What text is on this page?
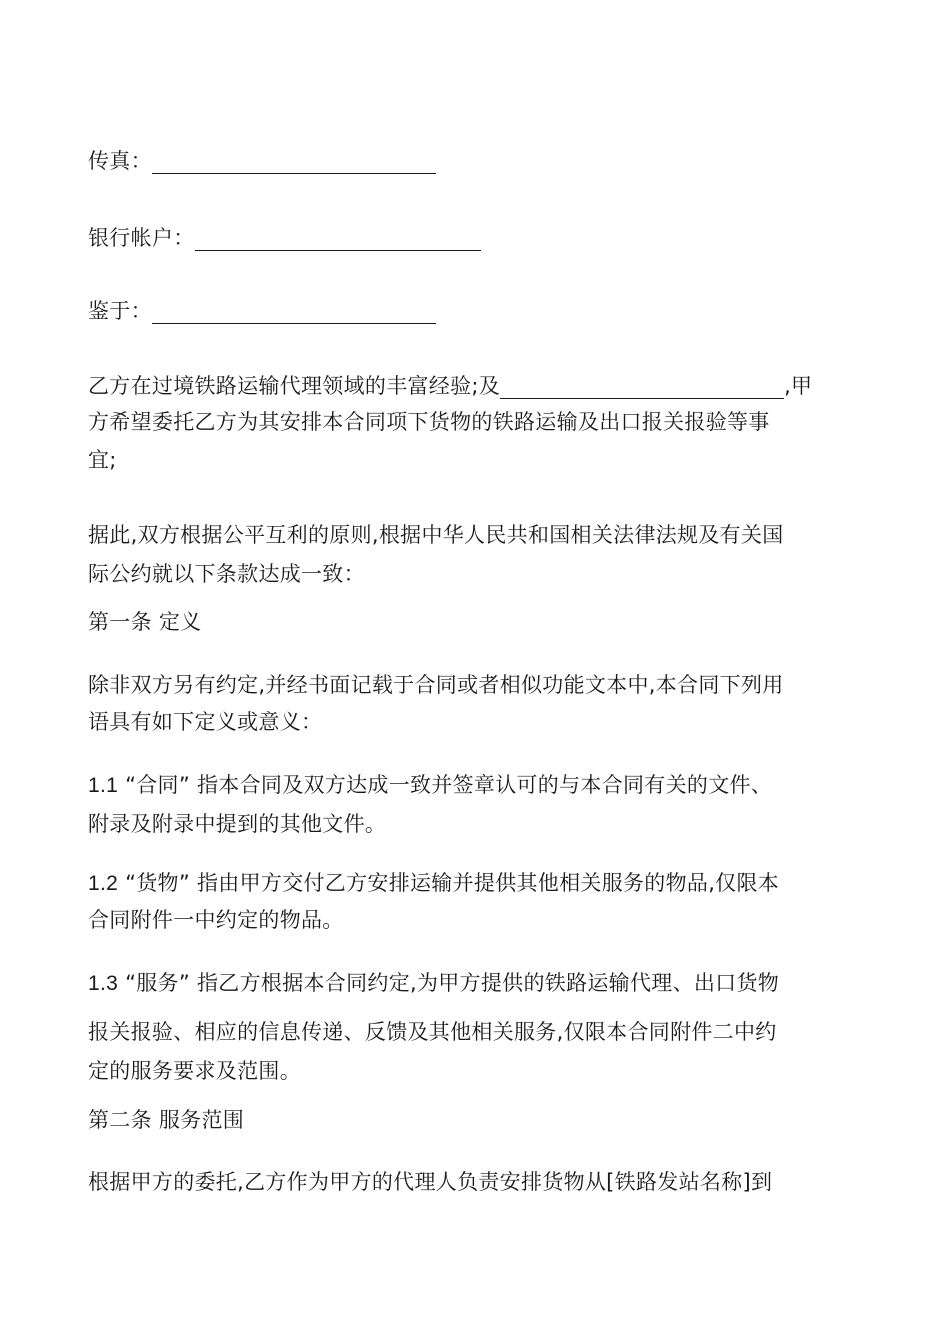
传真：
银行帐户：
鉴于：
乙方在过境铁路运输代理领域的丰富经验;及	,甲
方希望委托乙方为其安排本合同项下货物的铁路运输及出口报关报验等事
宜;
据此,双方根据公平互利的原则,根据中华人民共和国相关法律法规及有关国
际公约就以下条款达成一致：
第一条 定义
除非双方另有约定,并经书面记载于合同或者相似功能文本中,本合同下列用
语具有如下定义或意义：
1.1 “合同” 指本合同及双方达成一致并签章认可的与本合同有关的文件、
附录及附录中提到的其他文件。
1.2 “货物” 指由甲方交付乙方安排运输并提供其他相关服务的物品,仅限本
合同附件一中约定的物品。
1.3 “服务” 指乙方根据本合同约定,为甲方提供的铁路运输代理、出口货物
报关报验、相应的信息传递、反馈及其他相关服务,仅限本合同附件二中约
定的服务要求及范围。
第二条 服务范围
根据甲方的委托,乙方作为甲方的代理人负责安排货物从[铁路发站名称]到
